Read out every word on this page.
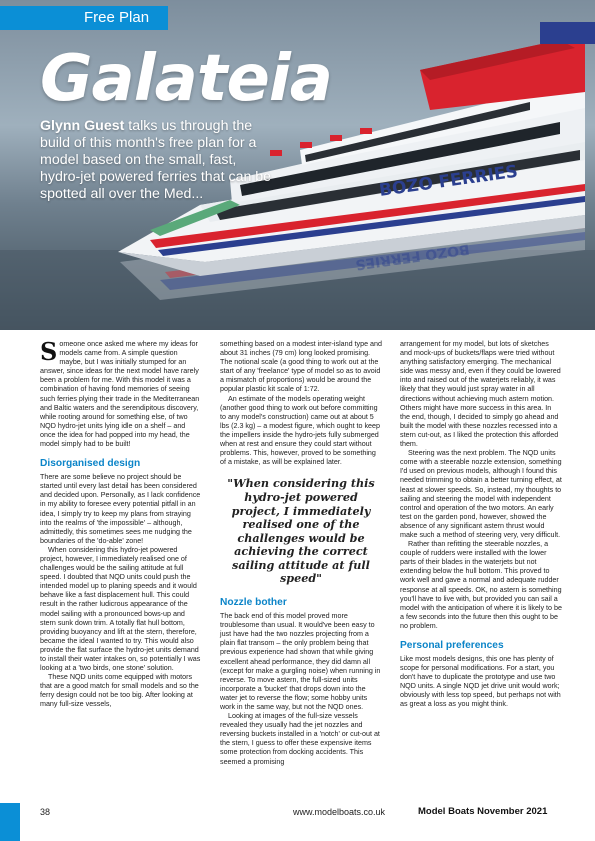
BOZO FERRIES
BOZO FERRIES
Free Plan
Galateia
Glynn Guest talks us through the build of this month's free plan for a model based on the small, fast, hydro-jet powered ferries that can be spotted all over the Med...

Someone once asked me where my ideas for models came from. A simple question maybe, but I was initially stumped for an answer, since ideas for the next model have rarely been a problem for me. With this model it was a combination of having fond memories of seeing such ferries plying their trade in the Mediterranean and Baltic waters and the serendipitous discovery, while rooting around for something else, of two NQD hydro-jet units lying idle on a shelf – and once the idea for had popped into my head, the model simply had to be built!

Disorganised design

There are some believe no project should be started until every last detail has been considered and decided upon. Personally, as I lack confidence in my ability to foresee every potential pitfall in an idea, I simply try to keep my plans from straying into the realms of 'the impossible' – although, admittedly, this sometimes sees me nudging the boundaries of the 'do-able' zone!

When considering this hydro-jet powered project, however, I immediately realised one of challenges would be the sailing attitude at full speed. I doubted that NQD units could push the intended model up to planing speeds and it would behave like a fast displacement hull. This could result in the rather ludicrous appearance of the model sailing with a pronounced bows-up and stern sunk down trim. A totally flat hull bottom, providing buoyancy and lift at the stern, therefore, became the ideal I wanted to try. This would also provide the flat surface the hydro-jet units demand to install their water intakes on, so potentially I was looking at a 'two birds, one stone' solution.

These NQD units come equipped with motors that are a good match for small models and so the ferry design could not be too big. After looking at many full-size vessels,

something based on a modest inter-island type and about 31 inches (79 cm) long looked promising. The notional scale (a good thing to work out at the start of any 'freelance' type of model so as to avoid a mismatch of proportions) would be around the popular plastic kit scale of 1:72.

An estimate of the models operating weight (another good thing to work out before committing to any model's construction) came out at about 5 lbs (2.3 kg) – a modest figure, which ought to keep the impellers inside the hydro-jets fully submerged when at rest and ensure they could start without problems. This, however, proved to be something of a mistake, as will be explained later.

"When considering this hydro-jet powered project, I immediately realised one of the challenges would be achieving the correct sailing attitude at full speed"
Nozzle bother

The back end of this model proved more troublesome than usual. It would've been easy to just have had the two nozzles projecting from a plain flat transom – the only problem being that previous experience had shown that while giving excellent ahead performance, they did damn all (except for make a gurgling noise) when running in reverse. To move astern, the full-sized units incorporate a 'bucket' that drops down into the water jet to reverse the flow; some hobby units work in the same way, but not the NQD ones.

Looking at images of the full-size vessels revealed they usually had the jet nozzles and reversing buckets installed in a 'notch' or cut-out at the stern, I guess to offer these expensive items some protection from docking accidents. This seemed a promising

arrangement for my model, but lots of sketches and mock-ups of buckets/flaps were tried without anything satisfactory emerging. The mechanical side was messy and, even if they could be lowered into and raised out of the waterjets reliably, it was likely that they would just spray water in all directions without achieving much astern motion. Others might have more success in this area. In the end, though, I decided to simply go ahead and built the model with these nozzles recessed into a stern cut-out, as I liked the protection this afforded them.

Steering was the next problem. The NQD units come with a steerable nozzle extension, something I'd used on previous models, although I found this needed trimming to obtain a better turning effect, at least at slower speeds. So, instead, my thoughts to sailing and steering the model with independent control and operation of the two motors. An early test on the garden pond, however, showed the absence of any significant astern thrust would make such a method of steering very, very difficult.

Rather than refitting the steerable nozzles, a couple of rudders were installed with the lower parts of their blades in the waterjets but not extending below the hull bottom. This proved to work well and gave a normal and adequate rudder response at all speeds. OK, no astern is something you'll have to live with, but provided you can sail a model with the anticipation of where it is likely to be a few seconds into the future then this ought to be no problem.

Personal preferences

Like most models designs, this one has plenty of scope for personal modifications. For a start, you don't have to duplicate the prototype and use two NQD units. A single NQD jet drive unit would work; obviously with less top speed, but perhaps not with as great a loss as you might think.

38	www.modelboats.co.uk	Model Boats November 2021
